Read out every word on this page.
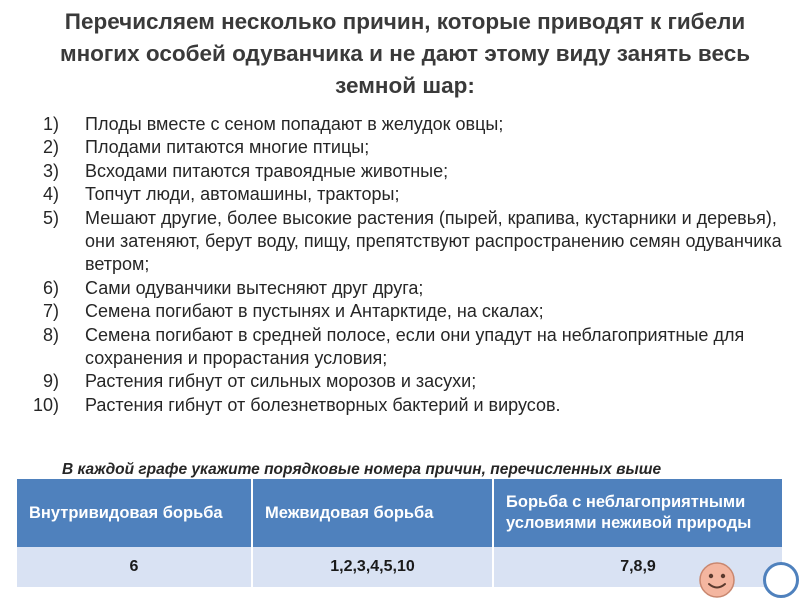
Перечисляем несколько причин, которые приводят к гибели многих особей одуванчика и не дают этому виду занять весь земной шар:
1) Плоды вместе с сеном попадают в желудок овцы;
2) Плодами питаются многие птицы;
3) Всходами питаются травоядные животные;
4) Топчут люди, автомашины, тракторы;
5) Мешают другие, более высокие растения (пырей, крапива, кустарники и деревья), они затеняют, берут воду, пищу, препятствуют распространению семян одуванчика ветром;
6) Сами одуванчики вытесняют друг друга;
7) Семена погибают в пустынях и Антарктиде, на скалах;
8) Семена погибают в средней полосе, если они упадут на неблагоприятные для сохранения и прорастания условия;
9) Растения гибнут от сильных морозов и засухи;
10) Растения гибнут от болезнетворных бактерий и вирусов.
Внутривидовая борьба	Межвидовая борьба	Борьба с неблагоприятными условиями неживой природы
6	1,2,3,4,5,10	7,8,9

В каждой графе укажите порядковые номера причин, перечисленных выше
